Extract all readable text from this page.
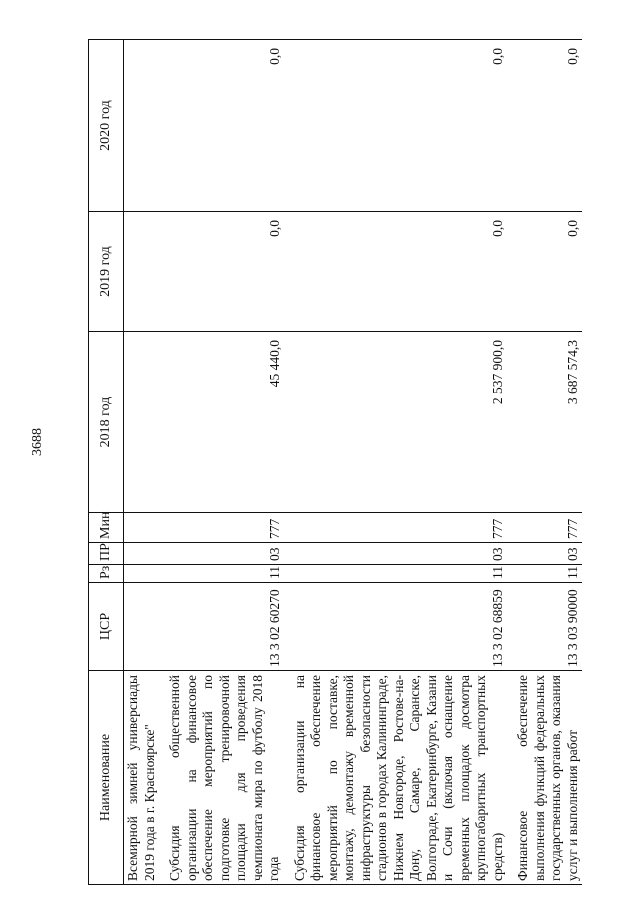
3688
Наименование	ЦСР	Рз	ПР	Мин	2018 год	2019 год	2020 год
Всемирной зимней универсиады 2019 года в г. Красноярске"							
Субсидия общественной организации на финансовое обеспечение мероприятий по подготовке тренировочной площадки для проведения чемпионата мира по футболу 2018 года	13 3 02 60270	11	03	777	45 440,0	0,0	0,0
Субсидия организации на финансовое обеспечение мероприятий по поставке, монтажу, демонтажу временной инфраструктуры безопасности стадионов в городах Калининграде, Нижнем Новгороде, Ростове-на-Дону, Самаре, Саранске, Волгограде, Екатеринбурге, Казани и Сочи (включая оснащение временных площадок досмотра крупногабаритных транспортных средств)	13 3 02 68859	11	03	777	2 537 900,0	0,0	0,0
Финансовое обеспечение выполнения функций федеральных государственных органов, оказания услуг и выполнения работ	13 3 03 90000	11	03	777	3 687 574,3	0,0	0,0
